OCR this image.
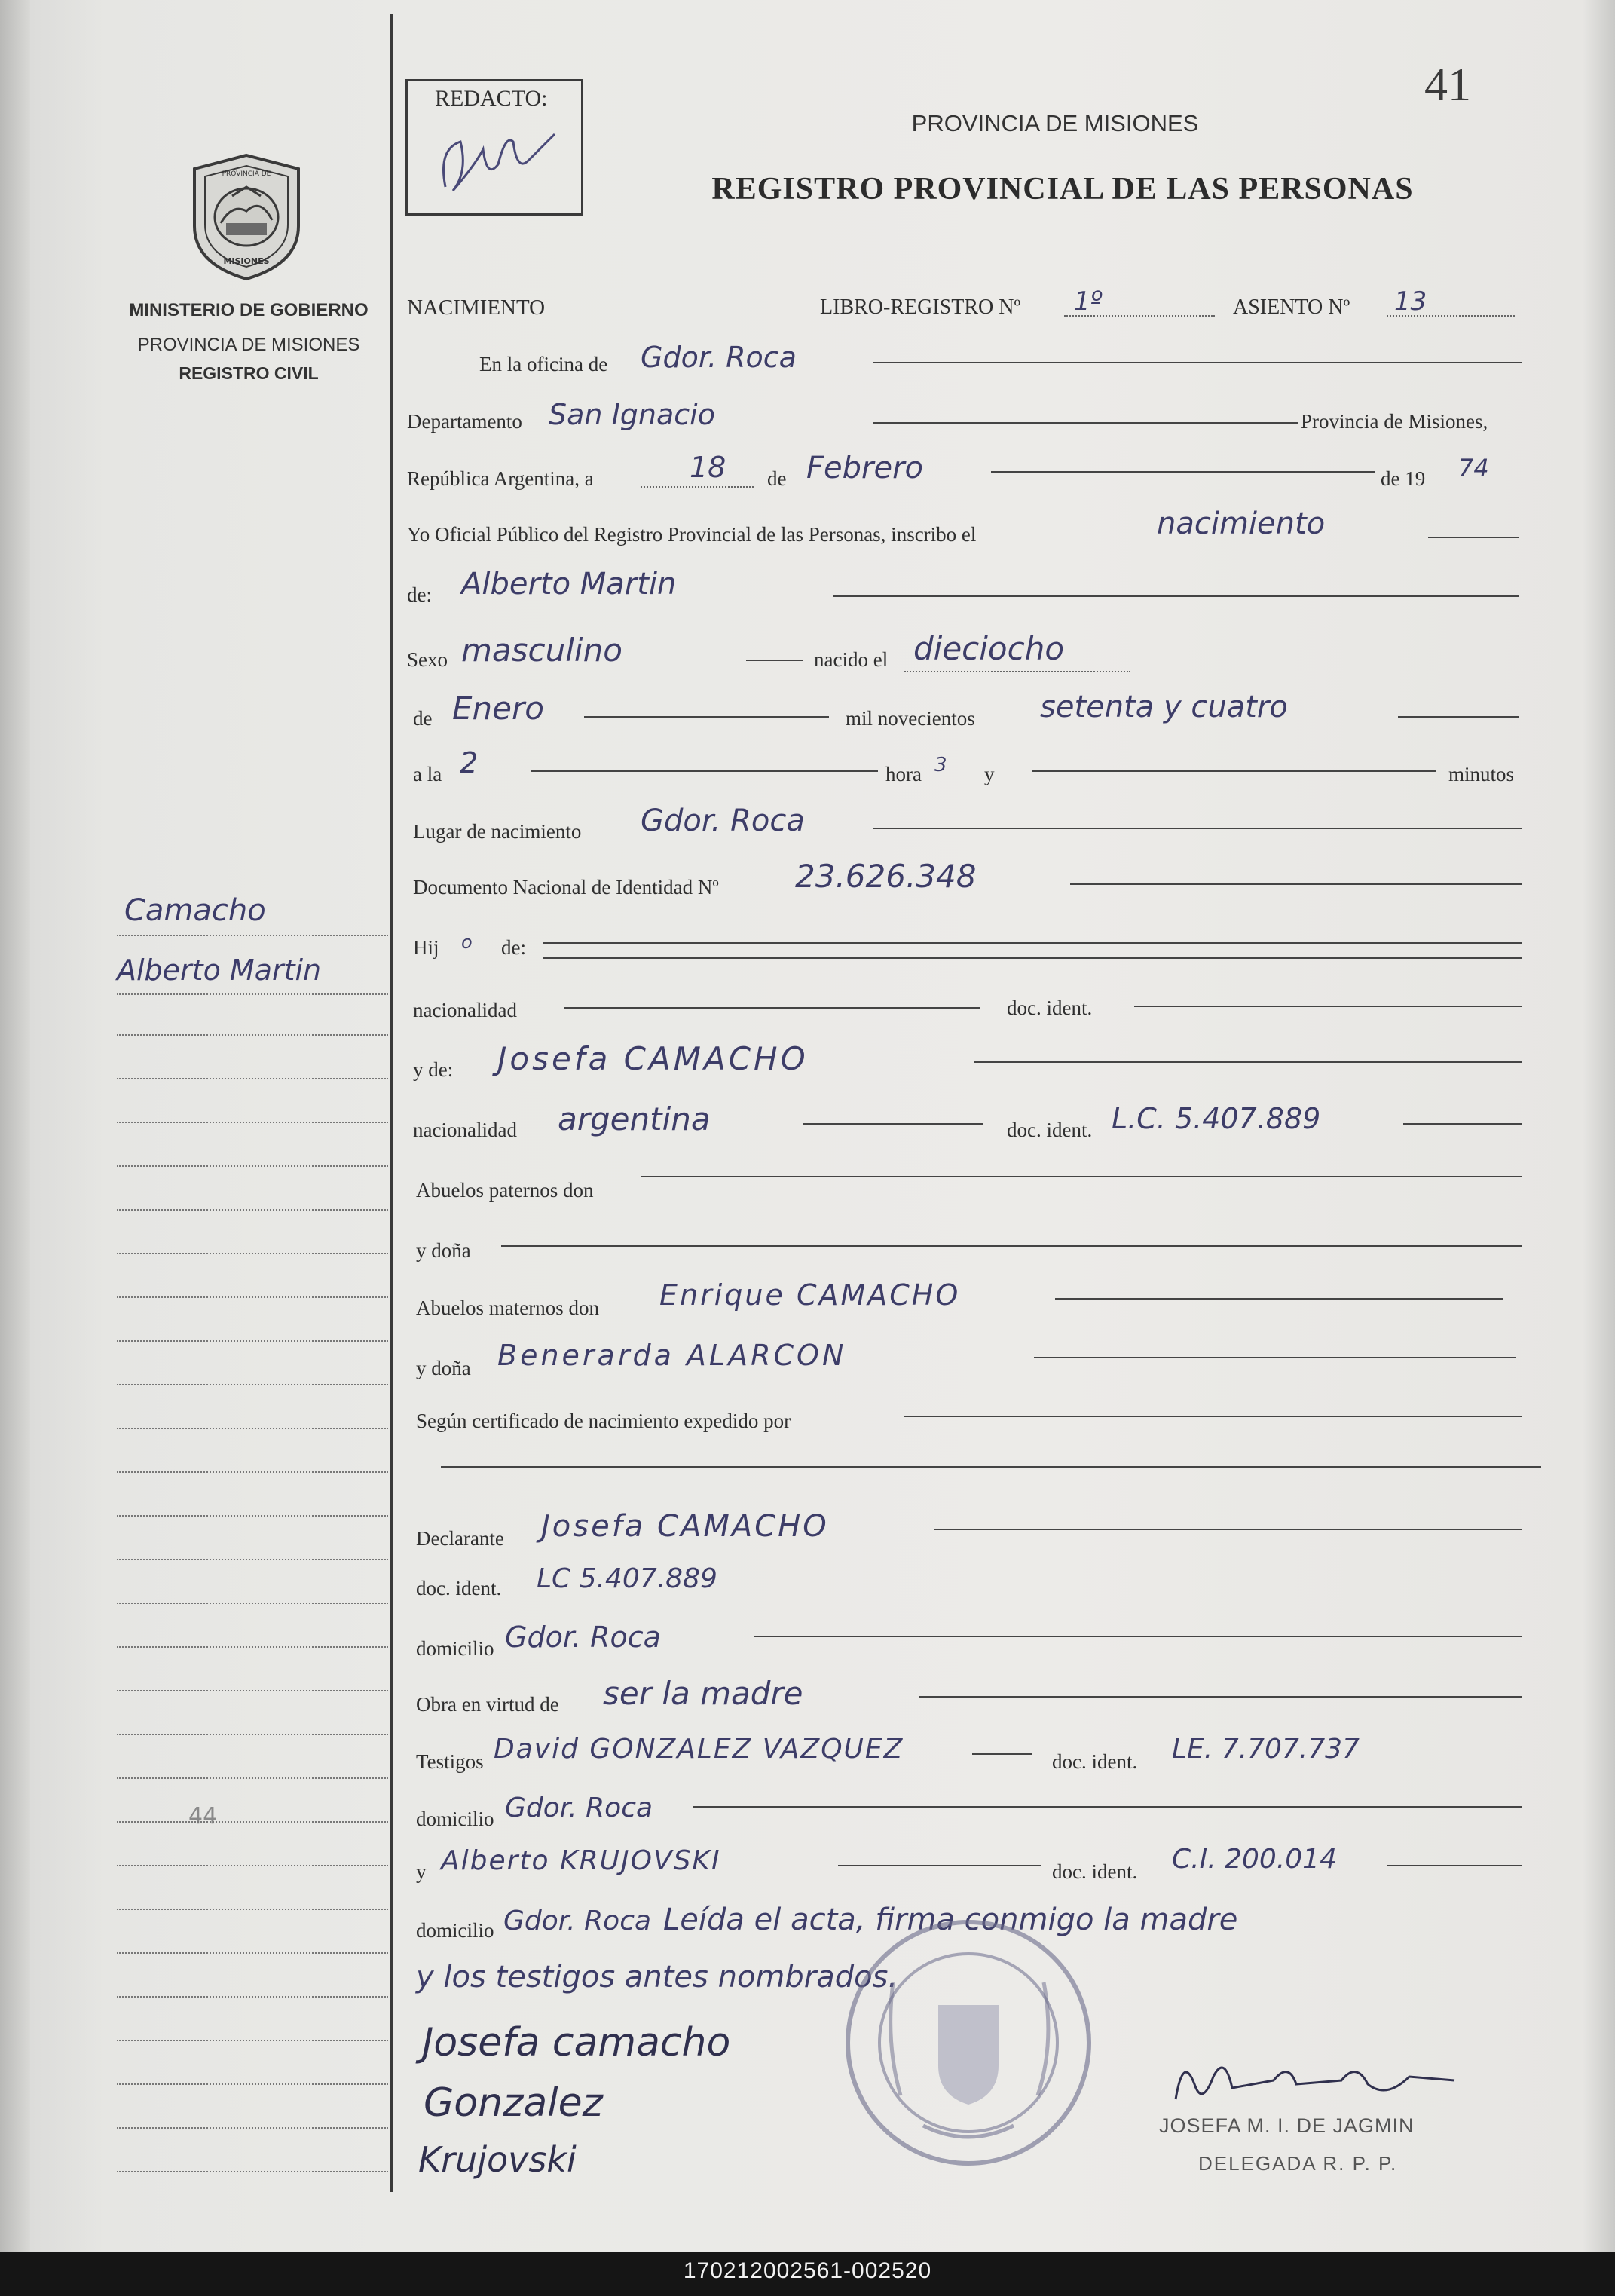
PROVINCIA DE
MISIONES
MINISTERIO DE GOBIERNO
PROVINCIA DE MISIONES
REGISTRO CIVIL
Camacho
Alberto Martin
44
REDACTO:
Juel
41
PROVINCIA DE MISIONES
REGISTRO PROVINCIAL DE LAS PERSONAS
NACIMIENTO	LIBRO-REGISTRO Nº 1º	ASIENTO Nº 13
En la oficina de Gdor. Roca
Departamento San Ignacio	Provincia de Misiones,
República Argentina, a	18 de Febrero	de 19 74
Yo Oficial Público del Registro Provincial de las Personas, inscribo el	nacimiento
de: Alberto Martin
Sexo masculino	nacido el dieciocho
de Enero	mil novecientos setenta y cuatro
a la 2	hora 3 y	minutos
Lugar de nacimiento Gdor. Roca
Documento Nacional de Identidad Nº 23.626.348
Hij o de:
nacionalidad	doc. ident.
y de: Josefa CAMACHO
nacionalidad argentina	doc. ident. L.C. 5.407.889
Abuelos paternos don
y doña
Abuelos maternos don Enrique CAMACHO
y doña Benerarda ALARCON
Según certificado de nacimiento expedido por
Declarante Josefa CAMACHO
doc. ident. LC 5.407.889
domicilio Gdor. Roca
Obra en virtud de ser la madre
Testigos David GONZALEZ VAZQUEZ	doc. ident. LE. 7.707.737
domicilio Gdor. Roca
y Alberto KRUJOVSKI	doc. ident. C.I. 200.014
domicilio Gdor. Roca Leída el acta, firma conmigo la madre
y los testigos antes nombrados.
Josefa camacho
Gonzalez
Krujovski
Josefa de Jagmin
JOSEFA M. I. DE JAGMIN
DELEGADA R. P. P.
170212002561-002520
